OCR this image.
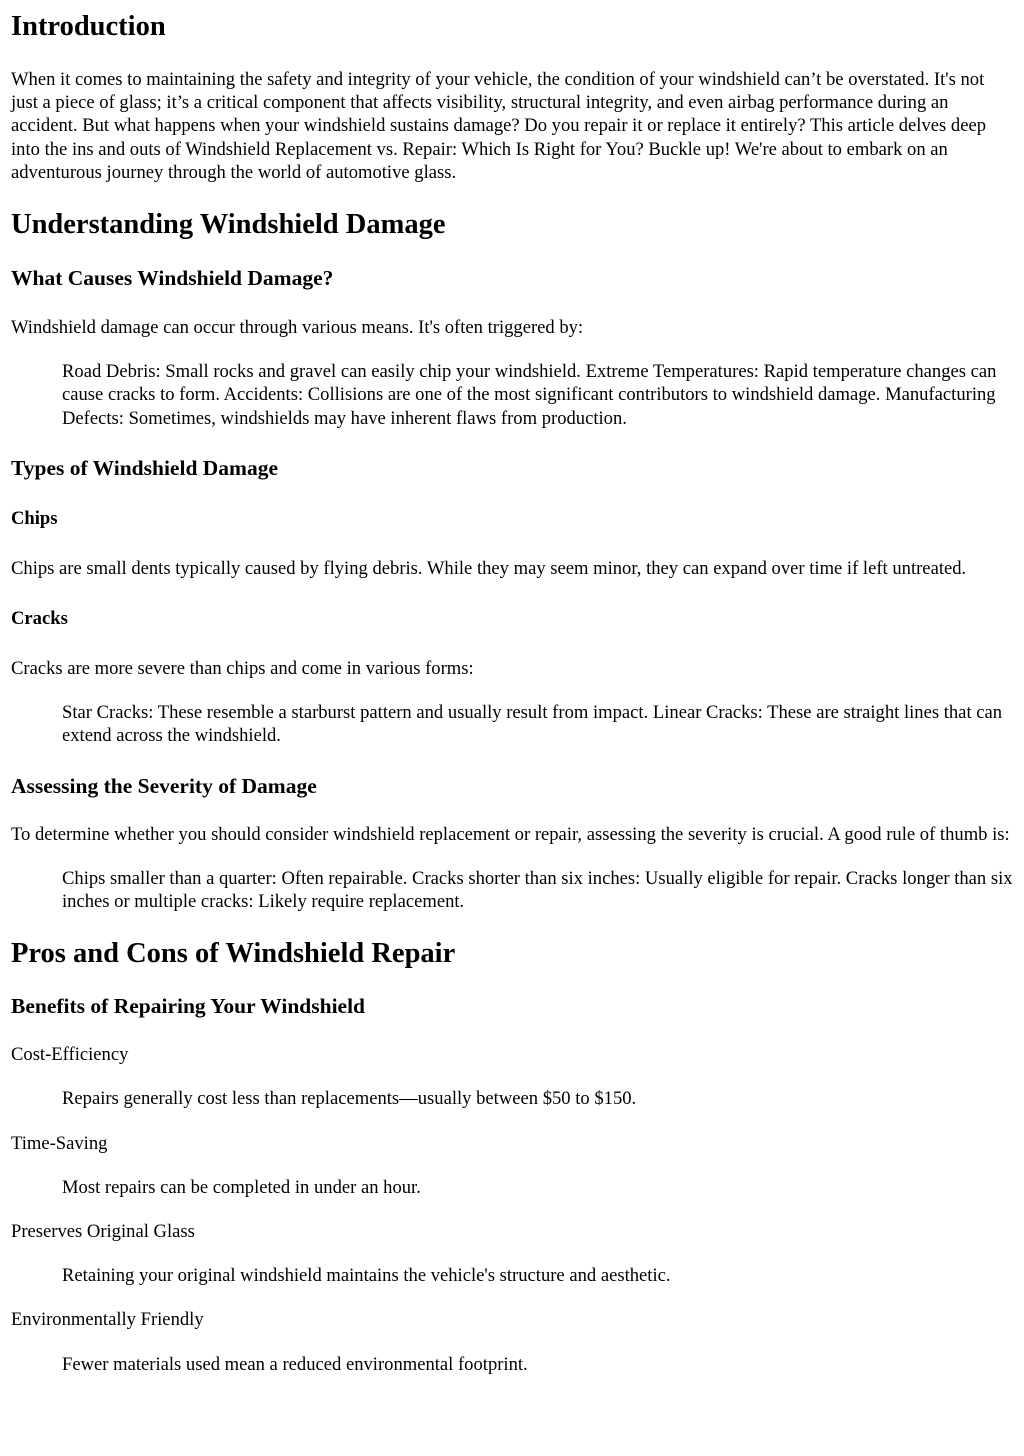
Introduction

When it comes to maintaining the safety and integrity of your vehicle, the condition of your windshield can’t be overstated. It's not just a piece of glass; it’s a critical component that affects visibility, structural integrity, and even airbag performance during an accident. But what happens when your windshield sustains damage? Do you repair it or replace it entirely? This article delves deep into the ins and outs of Windshield Replacement vs. Repair: Which Is Right for You? Buckle up! We're about to embark on an adventurous journey through the world of automotive glass.

Understanding Windshield Damage
What Causes Windshield Damage?

Windshield damage can occur through various means. It's often triggered by:

Road Debris: Small rocks and gravel can easily chip your windshield. Extreme Temperatures: Rapid temperature changes can cause cracks to form. Accidents: Collisions are one of the most significant contributors to windshield damage. Manufacturing Defects: Sometimes, windshields may have inherent flaws from production.
Types of Windshield Damage
Chips

Chips are small dents typically caused by flying debris. While they may seem minor, they can expand over time if left untreated.

Cracks

Cracks are more severe than chips and come in various forms:

Star Cracks: These resemble a starburst pattern and usually result from impact. Linear Cracks: These are straight lines that can extend across the windshield.
Assessing the Severity of Damage

To determine whether you should consider windshield replacement or repair, assessing the severity is crucial. A good rule of thumb is:

Chips smaller than a quarter: Often repairable. Cracks shorter than six inches: Usually eligible for repair. Cracks longer than six inches or multiple cracks: Likely require replacement.
Pros and Cons of Windshield Repair
Benefits of Repairing Your Windshield

Cost-Efficiency

Repairs generally cost less than replacements—usually between $50 to $150.

Time-Saving

Most repairs can be completed in under an hour.

Preserves Original Glass

Retaining your original windshield maintains the vehicle's structure and aesthetic.

Environmentally Friendly

Fewer materials used mean a reduced environmental footprint.
